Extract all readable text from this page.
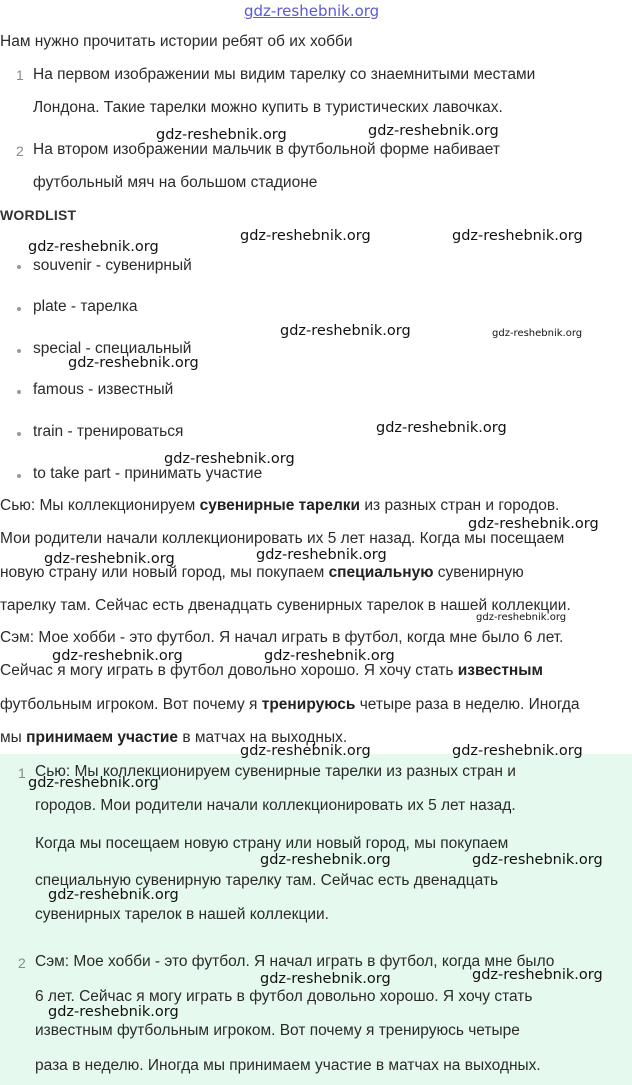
gdz-reshebnik.org
Нам нужно прочитать истории ребят об их хобби
1 На первом изображении мы видим тарелку со знаемнитыми местами
Лондона. Такие тарелки можно купить в туристических лавочках.
2 На втором изображении мальчик в футбольной форме набивает
футбольный мяч на большом стадионе
WORDLIST
souvenir - сувенирный
plate - тарелка
special - специальный
famous - известный
train - тренироваться
to take part - принимать участие
Сью: Мы коллекционируем сувенирные тарелки из разных стран и городов.
Мои родители начали коллекционировать их 5 лет назад. Когда мы посещаем
новую страну или новый город, мы покупаем специальную сувенирную
тарелку там. Сейчас есть двенадцать сувенирных тарелок в нашей коллекции.
Сэм: Мое хобби - это футбол. Я начал играть в футбол, когда мне было 6 лет.
Сейчас я могу играть в футбол довольно хорошо. Я хочу стать известным
футбольным игроком. Вот почему я тренируюсь четыре раза в неделю. Иногда
мы принимаем участие в матчах на выходных.
1 Сью: Мы коллекционируем сувенирные тарелки из разных стран и
городов. Мои родители начали коллекционировать их 5 лет назад.
Когда мы посещаем новую страну или новый город, мы покупаем
специальную сувенирную тарелку там. Сейчас есть двенадцать
сувенирных тарелок в нашей коллекции.
2 Сэм: Мое хобби - это футбол. Я начал играть в футбол, когда мне было
6 лет. Сейчас я могу играть в футбол довольно хорошо. Я хочу стать
известным футбольным игроком. Вот почему я тренируюсь четыре
раза в неделю. Иногда мы принимаем участие в матчах на выходных.
gdz-reshebnik.org	gdz-reshebnik.org
gdz-reshebnik.org
gdz-reshebnik.org	gdz-reshebnik.org
gdz-reshebnik.org	gdz-reshebnik.org
gdz-reshebnik.org
gdz-reshebnik.org
gdz-reshebnik.org
gdz-reshebnik.org
gdz-reshebnik.org	gdz-reshebnik.org
gdz-reshebnik.org
gdz-reshebnik.org	gdz-reshebnik.org
gdz-reshebnik.org	gdz-reshebnik.org
gdz-reshebnik.org
gdz-reshebnik.org	gdz-reshebnik.org
gdz-reshebnik.org
gdz-reshebnik.org	gdz-reshebnik.org
gdz-reshebnik.org
